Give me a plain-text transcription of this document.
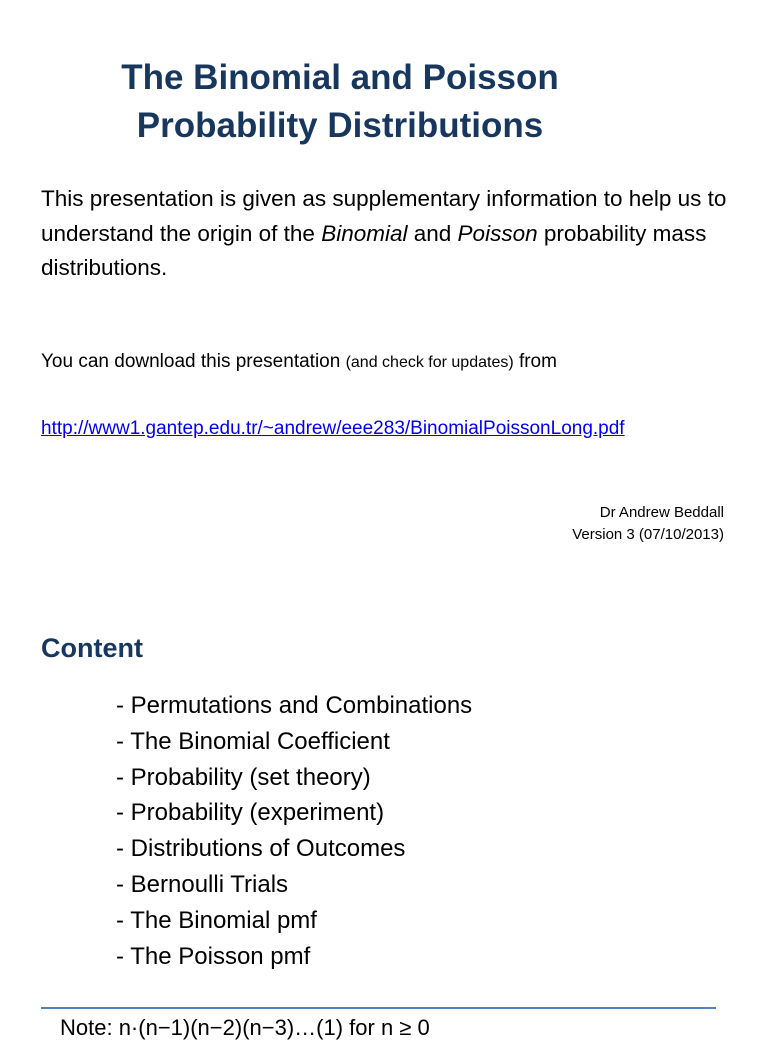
The Binomial and Poisson
Probability Distributions

This presentation is given as supplementary information to help us to understand the origin of the Binomial and Poisson probability mass distributions.

You can download this presentation (and check for updates) from
http://www1.gantep.edu.tr/~andrew/eee283/BinomialPoissonLong.pdf
Dr Andrew Beddall
Version 3 (07/10/2013)
Content
- Permutations and Combinations
- The Binomial Coefficient
- Probability (set theory)
- Probability (experiment)
- Distributions of Outcomes
- Bernoulli Trials
- The Binomial pmf
- The Poisson pmf
Note: n·(n−1)(n−2)(n−3)…(1) for n ≥ 0
